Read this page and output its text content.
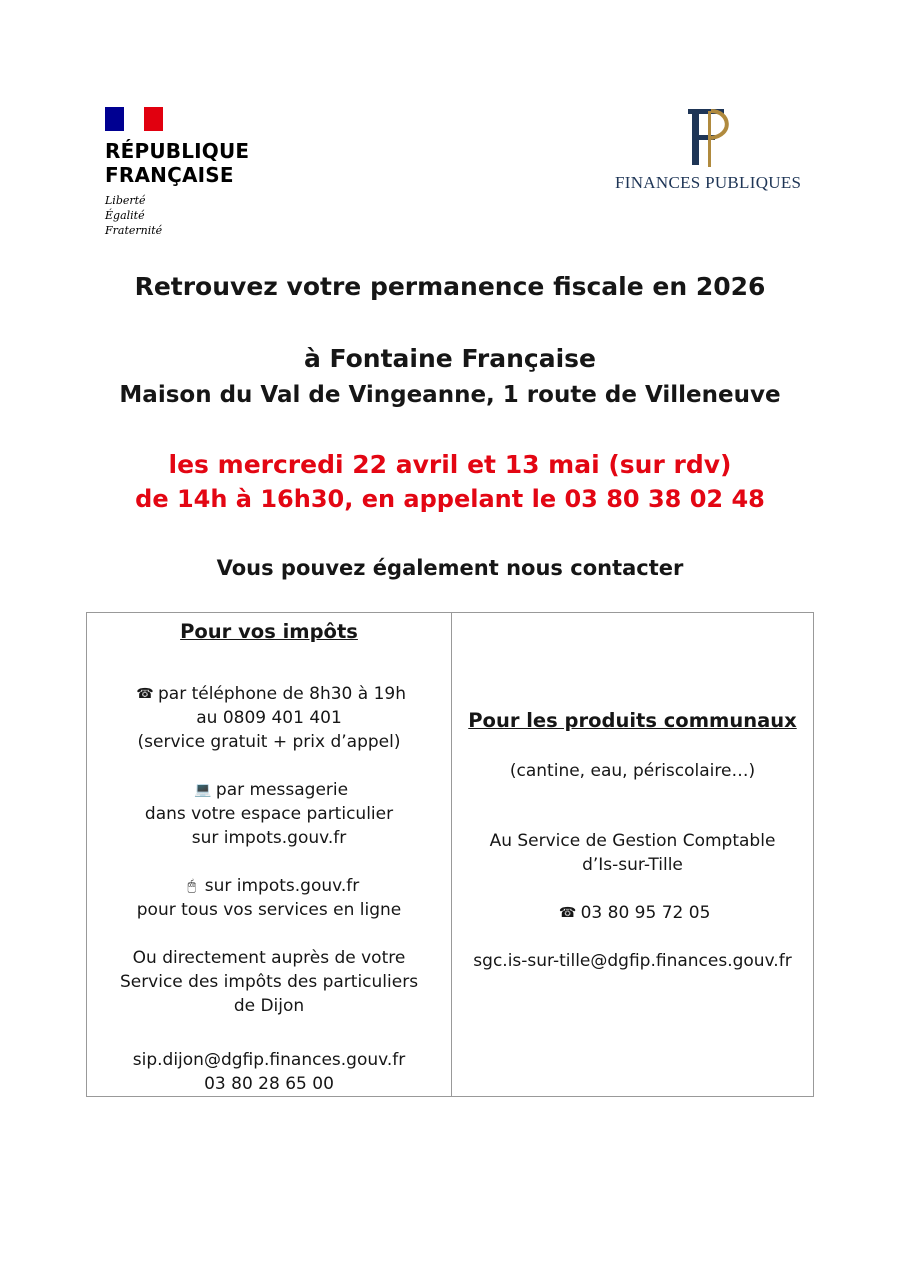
RÉPUBLIQUE
FRANÇAISE
Liberté
Égalité
Fraternité
FINANCES PUBLIQUES
Retrouvez votre permanence fiscale en 2026
à Fontaine Française
Maison du Val de Vingeanne, 1 route de Villeneuve
les mercredi 22 avril et 13 mai (sur rdv)
de 14h à 16h30, en appelant le 03 80 38 02 48
Vous pouvez également nous contacter
Pour vos impôts
☎ par téléphone de 8h30 à 19h
au 0809 401 401
(service gratuit + prix d’appel)
💻 par messagerie
dans votre espace particulier
sur impots.gouv.fr
🖱 sur impots.gouv.fr
pour tous vos services en ligne
Ou directement auprès de votre
Service des impôts des particuliers
de Dijon
sip.dijon@dgfip.finances.gouv.fr
03 80 28 65 00

Pour les produits communaux
(cantine, eau, périscolaire…)
Au Service de Gestion Comptable
d’Is-sur-Tille
☎ 03 80 95 72 05
sgc.is-sur-tille@dgfip.finances.gouv.fr
